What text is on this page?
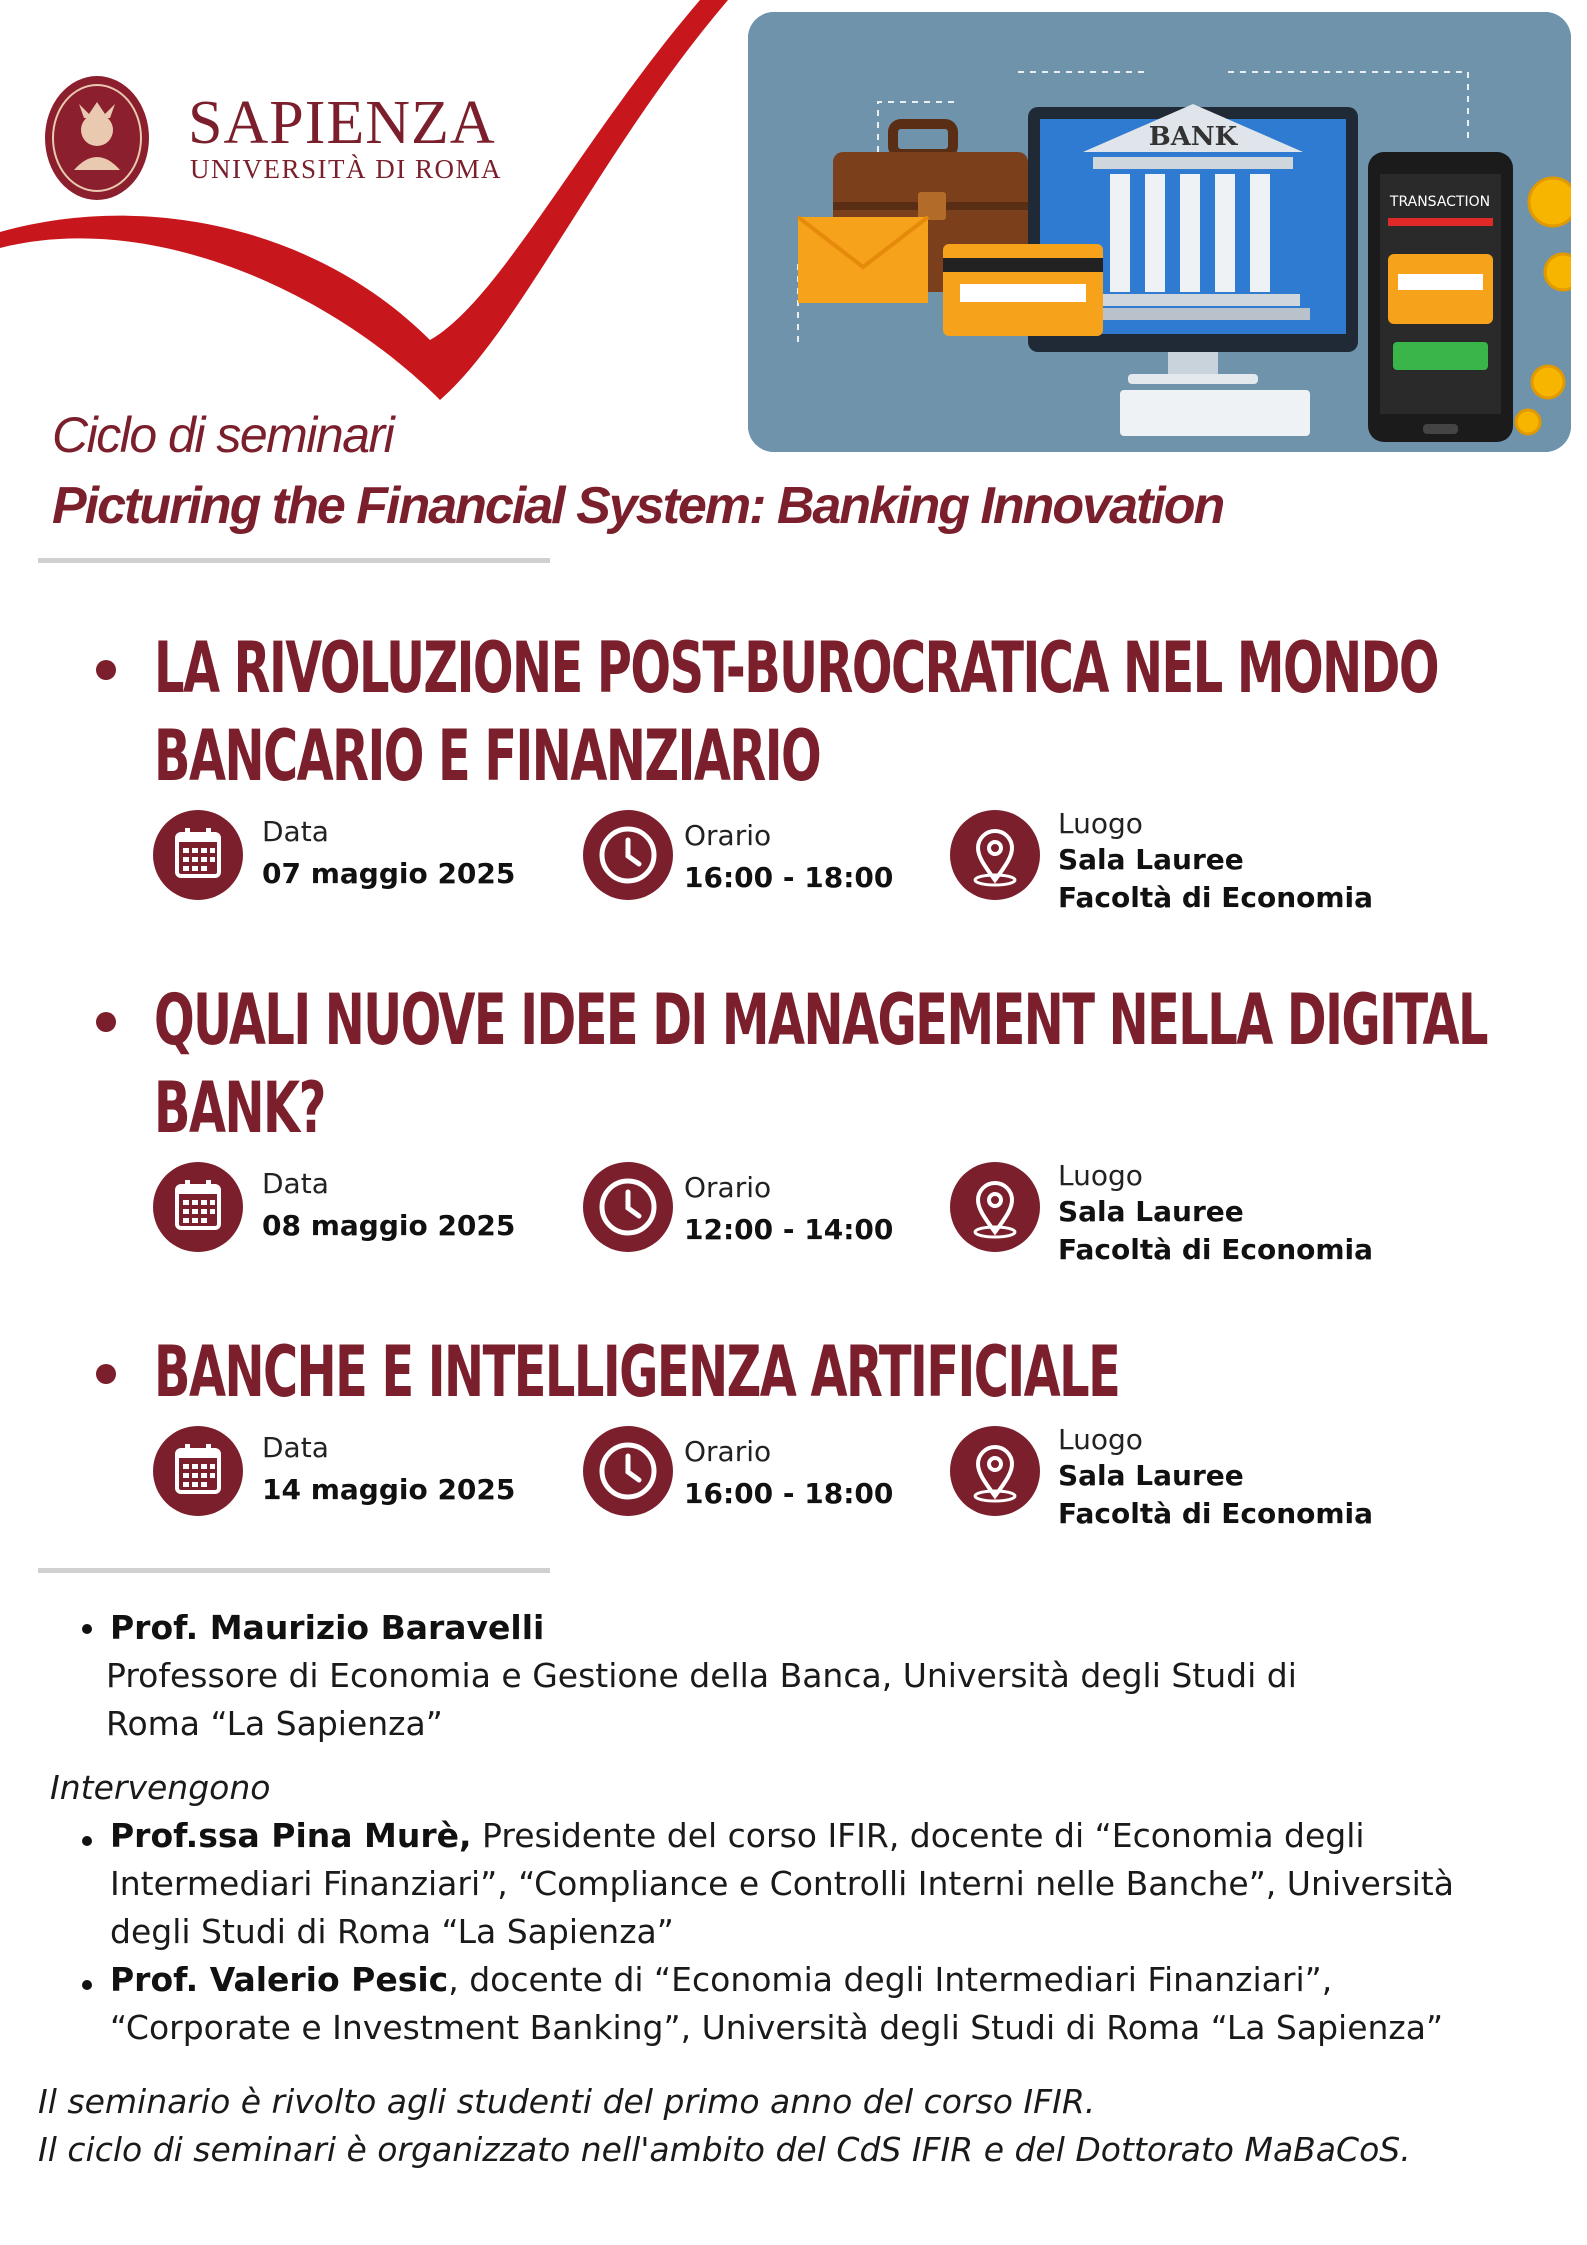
SAPIENZA
UNIVERSITÀ DI ROMA
BANK
TRANSACTION
Ciclo di seminari
Picturing the Financial System: Banking Innovation
LA RIVOLUZIONE POST-BUROCRATICA NEL MONDO
BANCARIO E FINANZIARIO
Data
07 maggio 2025
Orario
16:00 - 18:00
Luogo
Sala Lauree
Facoltà di Economia
QUALI NUOVE IDEE DI MANAGEMENT NELLA DIGITAL
BANK?
Data
08 maggio 2025
Orario
12:00 - 14:00
Luogo
Sala Lauree
Facoltà di Economia
BANCHE E INTELLIGENZA ARTIFICIALE
Data
14 maggio 2025
Orario
16:00 - 18:00
Luogo
Sala Lauree
Facoltà di Economia
Prof. Maurizio Baravelli
Professore di Economia e Gestione della Banca, Università degli Studi di
Roma “La Sapienza”
Intervengono
Prof.ssa Pina Murè, Presidente del corso IFIR, docente di “Economia degli
Intermediari Finanziari”, “Compliance e Controlli Interni nelle Banche”, Università
degli Studi di Roma “La Sapienza”
Prof. Valerio Pesic, docente di “Economia degli Intermediari Finanziari”,
“Corporate e Investment Banking”, Università degli Studi di Roma “La Sapienza”
Il seminario è rivolto agli studenti del primo anno del corso IFIR.
Il ciclo di seminari è organizzato nell'ambito del CdS IFIR e del Dottorato MaBaCoS.
